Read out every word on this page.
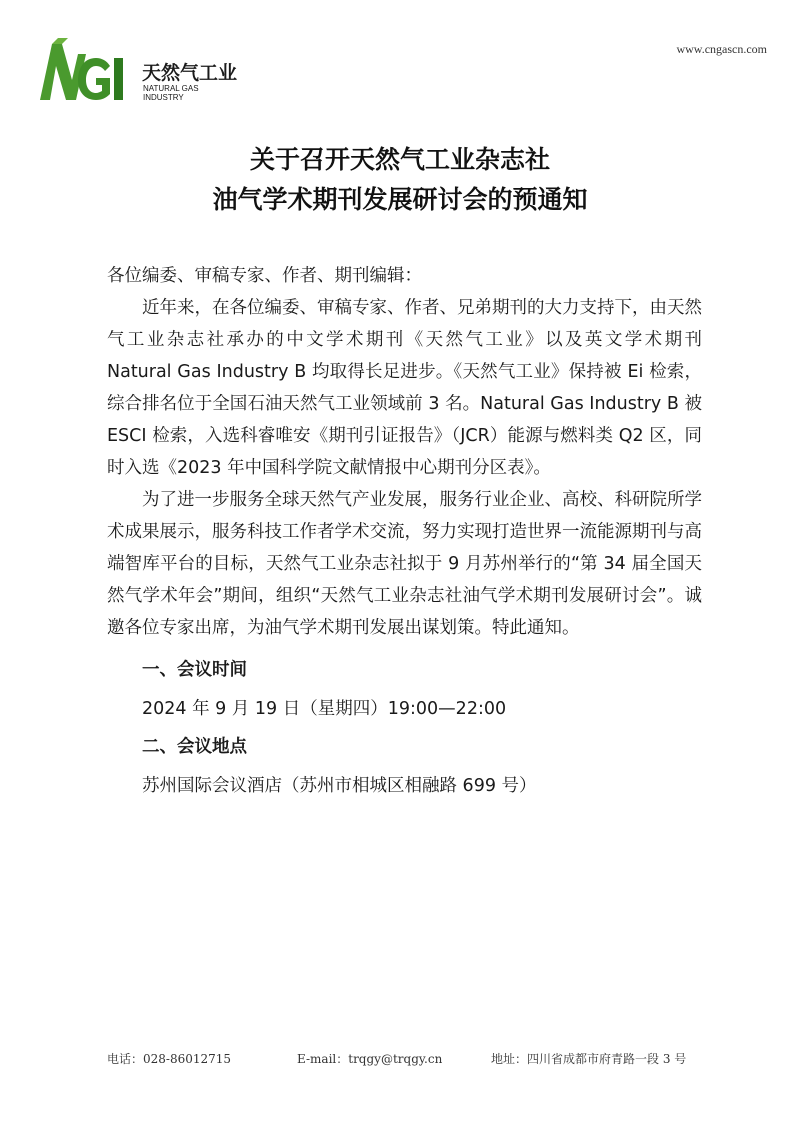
天然气工业
NATURAL GAS
INDUSTRY
www.cngascn.com
关于召开天然气工业杂志社
油气学术期刊发展研讨会的预通知

各位编委、审稿专家、作者、期刊编辑：

近年来，在各位编委、审稿专家、作者、兄弟期刊的大力支持下，由天然气工业杂志社承办的中文学术期刊《天然气工业》以及英文学术期刊 Natural Gas Industry B 均取得长足进步。《天然气工业》保持被 Ei 检索，综合排名位于全国石油天然气工业领域前 3 名。Natural Gas Industry B 被 ESCI 检索，入选科睿唯安《期刊引证报告》（JCR）能源与燃料类 Q2 区，同时入选《2023 年中国科学院文献情报中心期刊分区表》。

为了进一步服务全球天然气产业发展，服务行业企业、高校、科研院所学术成果展示，服务科技工作者学术交流，努力实现打造世界一流能源期刊与高端智库平台的目标，天然气工业杂志社拟于 9 月苏州举行的“第 34 届全国天然气学术年会”期间，组织“天然气工业杂志社油气学术期刊发展研讨会”。诚邀各位专家出席，为油气学术期刊发展出谋划策。特此通知。

一、会议时间

2024 年 9 月 19 日（星期四）19:00—22:00

二、会议地点

苏州国际会议酒店（苏州市相城区相融路 699 号）

电话：028-86012715	E-mail：trqgy@trqgy.cn	地址：四川省成都市府青路一段 3 号
